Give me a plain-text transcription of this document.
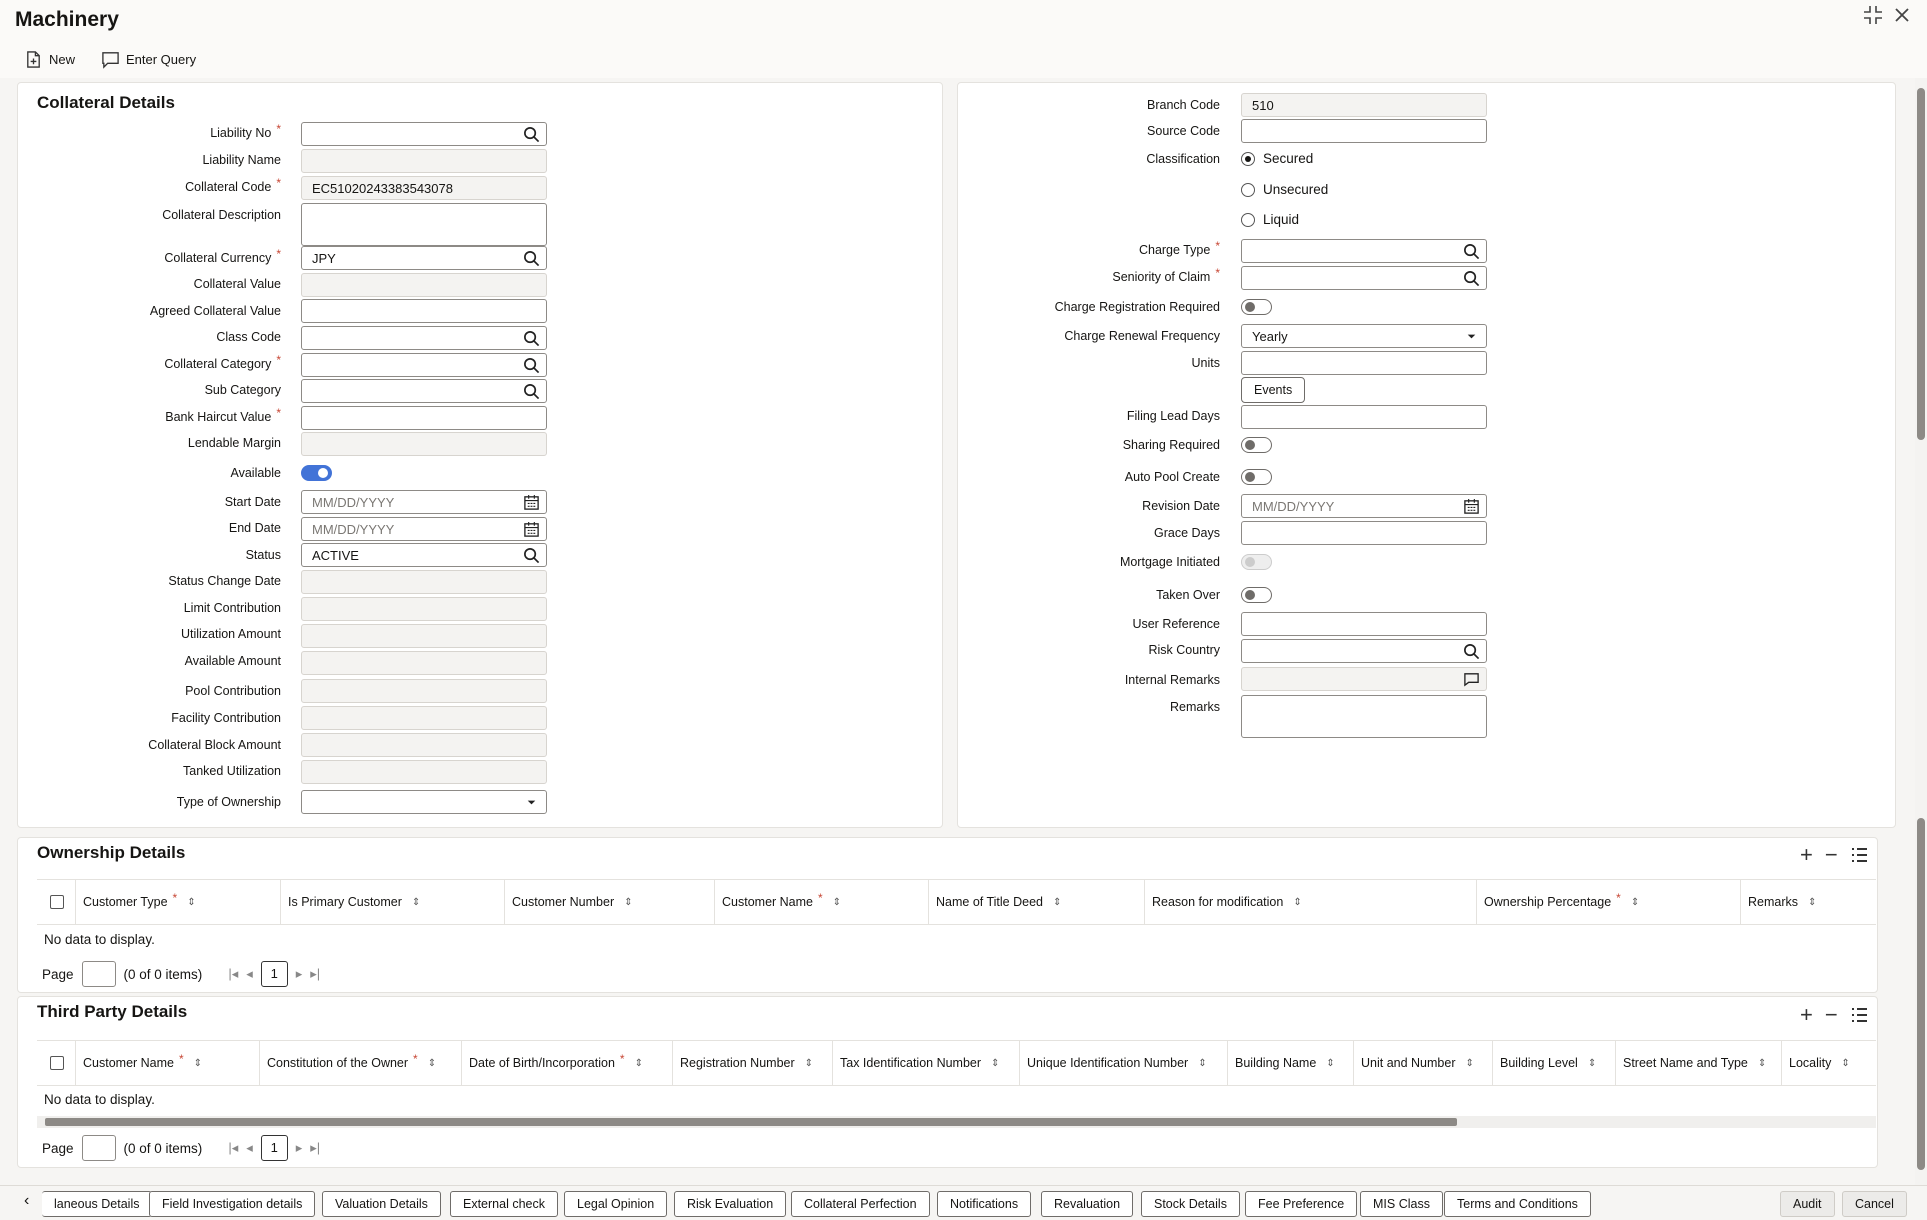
Machinery
New	Enter Query
Collateral Details
Liability No *
Liability Name
Collateral Code *	EC51020243383543078
Collateral Description
Collateral Currency *	JPY
Collateral Value
Agreed Collateral Value
Class Code
Collateral Category *
Sub Category
Bank Haircut Value *
Lendable Margin
Available
Start Date	MM/DD/YYYY
End Date	MM/DD/YYYY
Status	ACTIVE
Status Change Date
Limit Contribution
Utilization Amount
Available Amount
Pool Contribution
Facility Contribution
Collateral Block Amount
Tanked Utilization
Type of Ownership
Branch Code	510
Source Code
Classification	Secured
Unsecured
Liquid
Charge Type *
Seniority of Claim *
Charge Registration Required
Charge Renewal Frequency	Yearly
Units
Events
Filing Lead Days
Sharing Required
Auto Pool Create
Revision Date	MM/DD/YYYY
Grace Days
Mortgage Initiated
Taken Over
User Reference
Risk Country
Internal Remarks
Remarks
Ownership Details	+ −
Customer Type * ⇕	Is Primary Customer ⇕	Customer Number ⇕	Customer Name * ⇕	Name of Title Deed ⇕	Reason for modification ⇕	Ownership Percentage * ⇕	Remarks ⇕
No data to display.
Page	(0 of 0 items) |◂ ◂	1	▸ ▸|
Third Party Details	+ −
Customer Name * ⇕	Constitution of the Owner * ⇕	Date of Birth/Incorporation * ⇕	Registration Number ⇕ Tax Identification Number ⇕ Unique Identification Number ⇕ Building Name ⇕ Unit and Number ⇕ Building Level ⇕ Street Name and Type ⇕ Locality ⇕
No data to display.
Page	(0 of 0 items) |◂ ◂	1	▸ ▸|
‹	laneous Details	Field Investigation details	Valuation Details	External check	Legal Opinion	Risk Evaluation	Collateral Perfection	Notifications	Revaluation	Stock Details	Fee Preference	MIS Class	Terms and Conditions	Audit	Cancel
